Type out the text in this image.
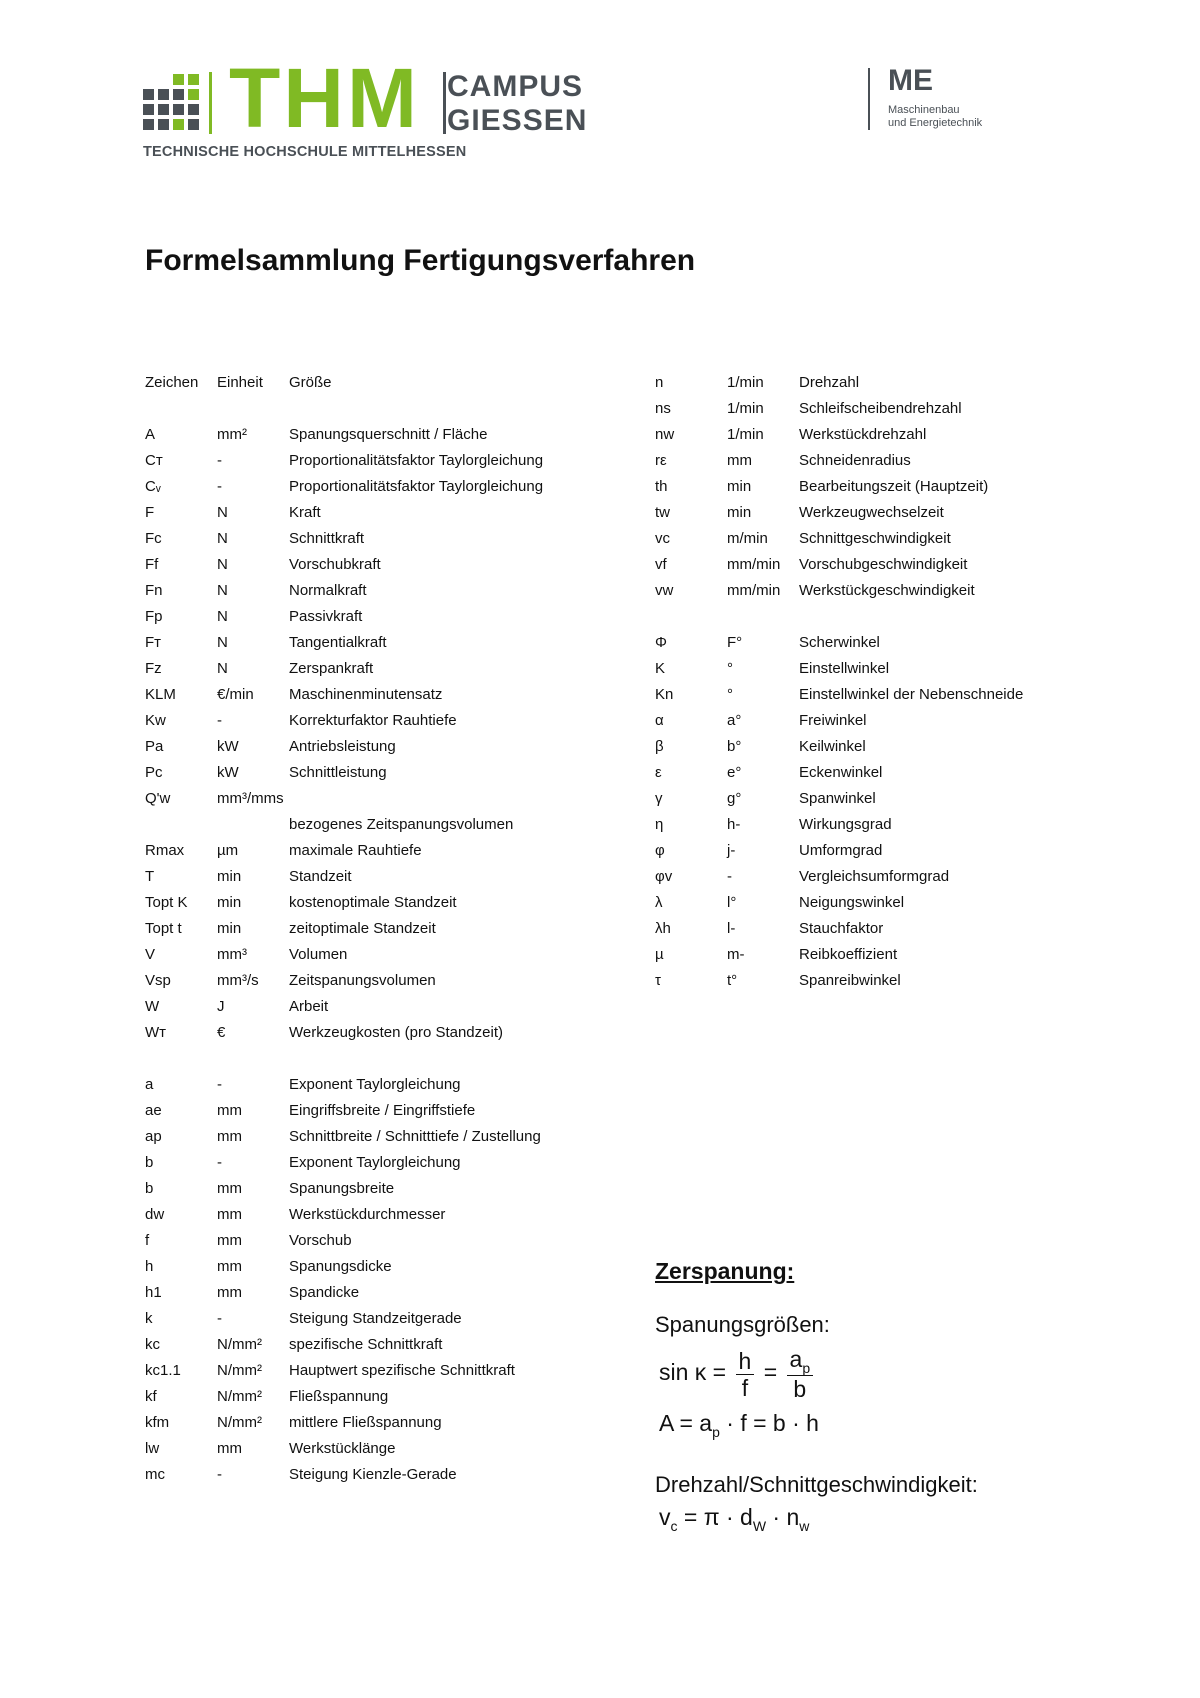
THM CAMPUS
GIESSEN
TECHNISCHE HOCHSCHULE MITTELHESSEN
ME
Maschinenbau
und Energietechnik
Formelsammlung Fertigungsverfahren
Zeichen Einheit Größe
A	mm²	Spanungsquerschnitt / Fläche
Cт	-	Proportionalitätsfaktor Taylorgleichung
Cᵥ	-	Proportionalitätsfaktor Taylorgleichung
F	N	Kraft
Fc	N	Schnittkraft
Ff	N	Vorschubkraft
Fn	N	Normalkraft
Fp	N	Passivkraft
Fт	N	Tangentialkraft
Fz	N	Zerspankraft
KLM	€/min Maschinenminutensatz
Kw	-	Korrekturfaktor Rauhtiefe
Pa	kW	Antriebsleistung
Pc	kW	Schnittleistung
Q'w	mm³/mms
bezogenes Zeitspanungsvolumen
Rmax µm	maximale Rauhtiefe
T	min	Standzeit
Topt K min	kostenoptimale Standzeit
Topt t min	zeitoptimale Standzeit
V	mm³	Volumen
Vsp	mm³/s Zeitspanungsvolumen
W	J	Arbeit
Wт	€	Werkzeugkosten (pro Standzeit)
a	-	Exponent Taylorgleichung
ae	mm	Eingriffsbreite / Eingriffstiefe
ap	mm	Schnittbreite / Schnitttiefe / Zustellung
b	-	Exponent Taylorgleichung
b	mm	Spanungsbreite
dw	mm	Werkstückdurchmesser
f	mm	Vorschub
h	mm	Spanungsdicke
h1	mm	Spandicke
k	-	Steigung Standzeitgerade
kc	N/mm² spezifische Schnittkraft
kc1.1 N/mm² Hauptwert spezifische Schnittkraft
kf	N/mm² Fließspannung
kfm	N/mm² mittlere Fließspannung
lw	mm	Werkstücklänge
mc	-	Steigung Kienzle-Gerade
n	1/min Drehzahl
ns	1/min Schleifscheibendrehzahl
nw	1/min Werkstückdrehzahl
rε	mm	Schneidenradius
th	min	Bearbeitungszeit (Hauptzeit)
tw	min	Werkzeugwechselzeit
vc	m/min Schnittgeschwindigkeit
vf	mm/min Vorschubgeschwindigkeit
vw	mm/min Werkstückgeschwindigkeit
Φ	F°	Scherwinkel
Κ	°	Einstellwinkel
Κn	°	Einstellwinkel der Nebenschneide
α	a°	Freiwinkel
β	b°	Keilwinkel
ε	e°	Eckenwinkel
γ	g°	Spanwinkel
η	h-	Wirkungsgrad
φ	j-	Umformgrad
φv	-	Vergleichsumformgrad
λ	l°	Neigungswinkel
λh	l-	Stauchfaktor
µ	m-	Reibkoeffizient
τ	t°	Spanreibwinkel
Zerspanung:
Spanungsgrößen:
$\sin \kappa = \frac{h}{f} = \frac{a_p}{b}$
$A = a_p \cdot f = b \cdot h$
Drehzahl/Schnittgeschwindigkeit:
$v_c = \pi \cdot d_W \cdot n_w$
